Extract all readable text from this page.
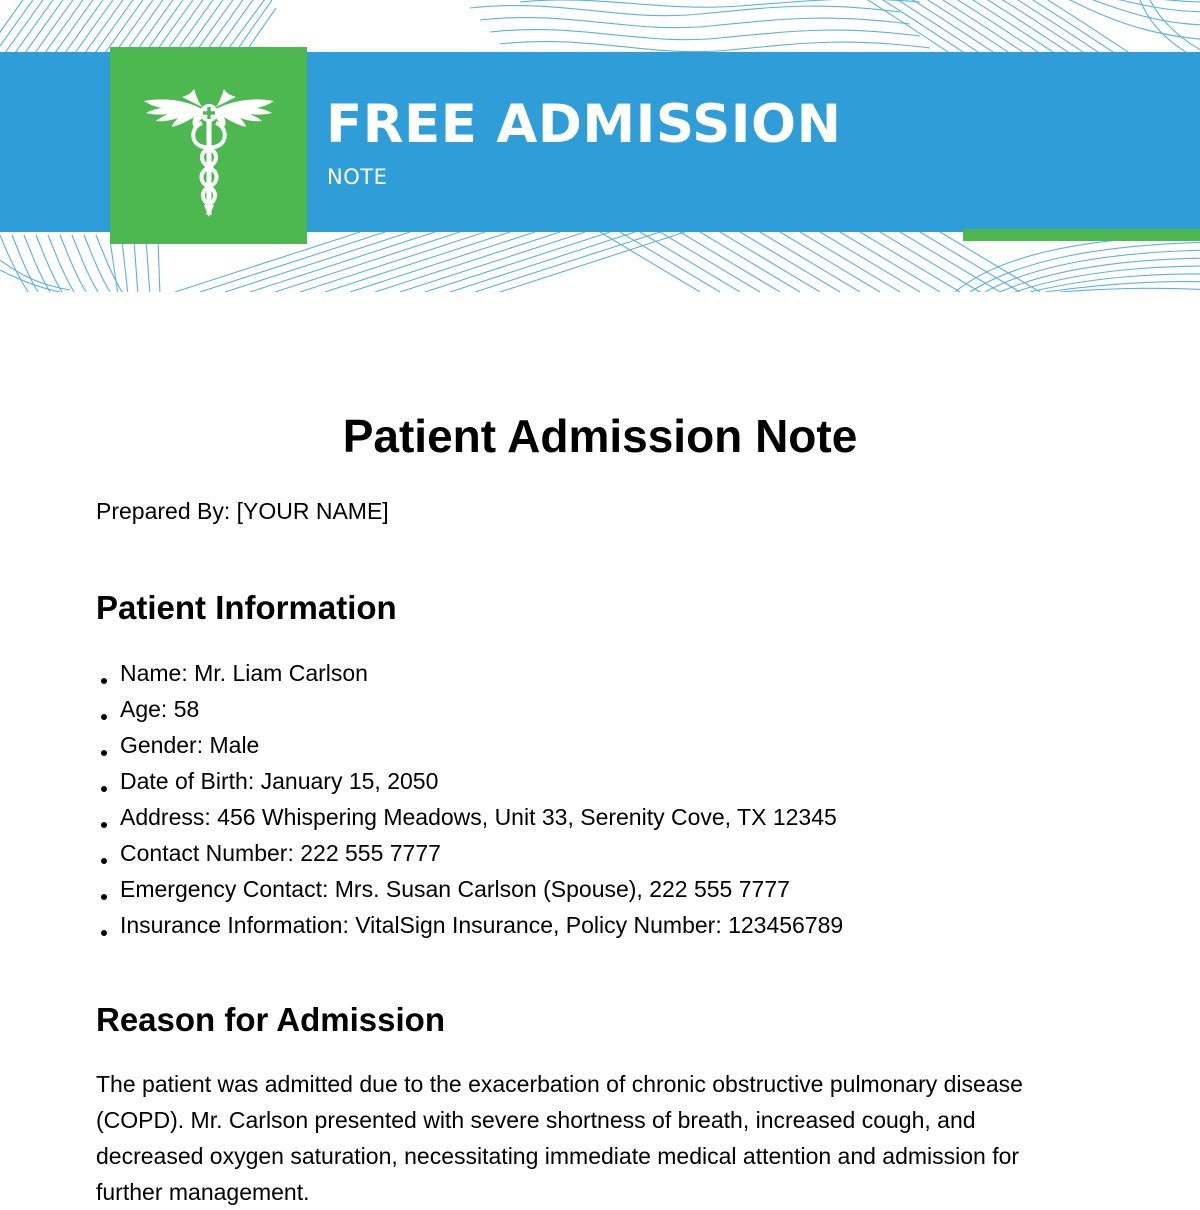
FREE ADMISSION
NOTE
Patient Admission Note

Prepared By: [YOUR NAME]

Patient Information
Name: Mr. Liam Carlson
Age: 58
Gender: Male
Date of Birth: January 15, 2050
Address: 456 Whispering Meadows, Unit 33, Serenity Cove, TX 12345
Contact Number: 222 555 7777
Emergency Contact: Mrs. Susan Carlson (Spouse), 222 555 7777
Insurance Information: VitalSign Insurance, Policy Number: 123456789
Reason for Admission

The patient was admitted due to the exacerbation of chronic obstructive pulmonary disease (COPD). Mr. Carlson presented with severe shortness of breath, increased cough, and decreased oxygen saturation, necessitating immediate medical attention and admission for further management.
